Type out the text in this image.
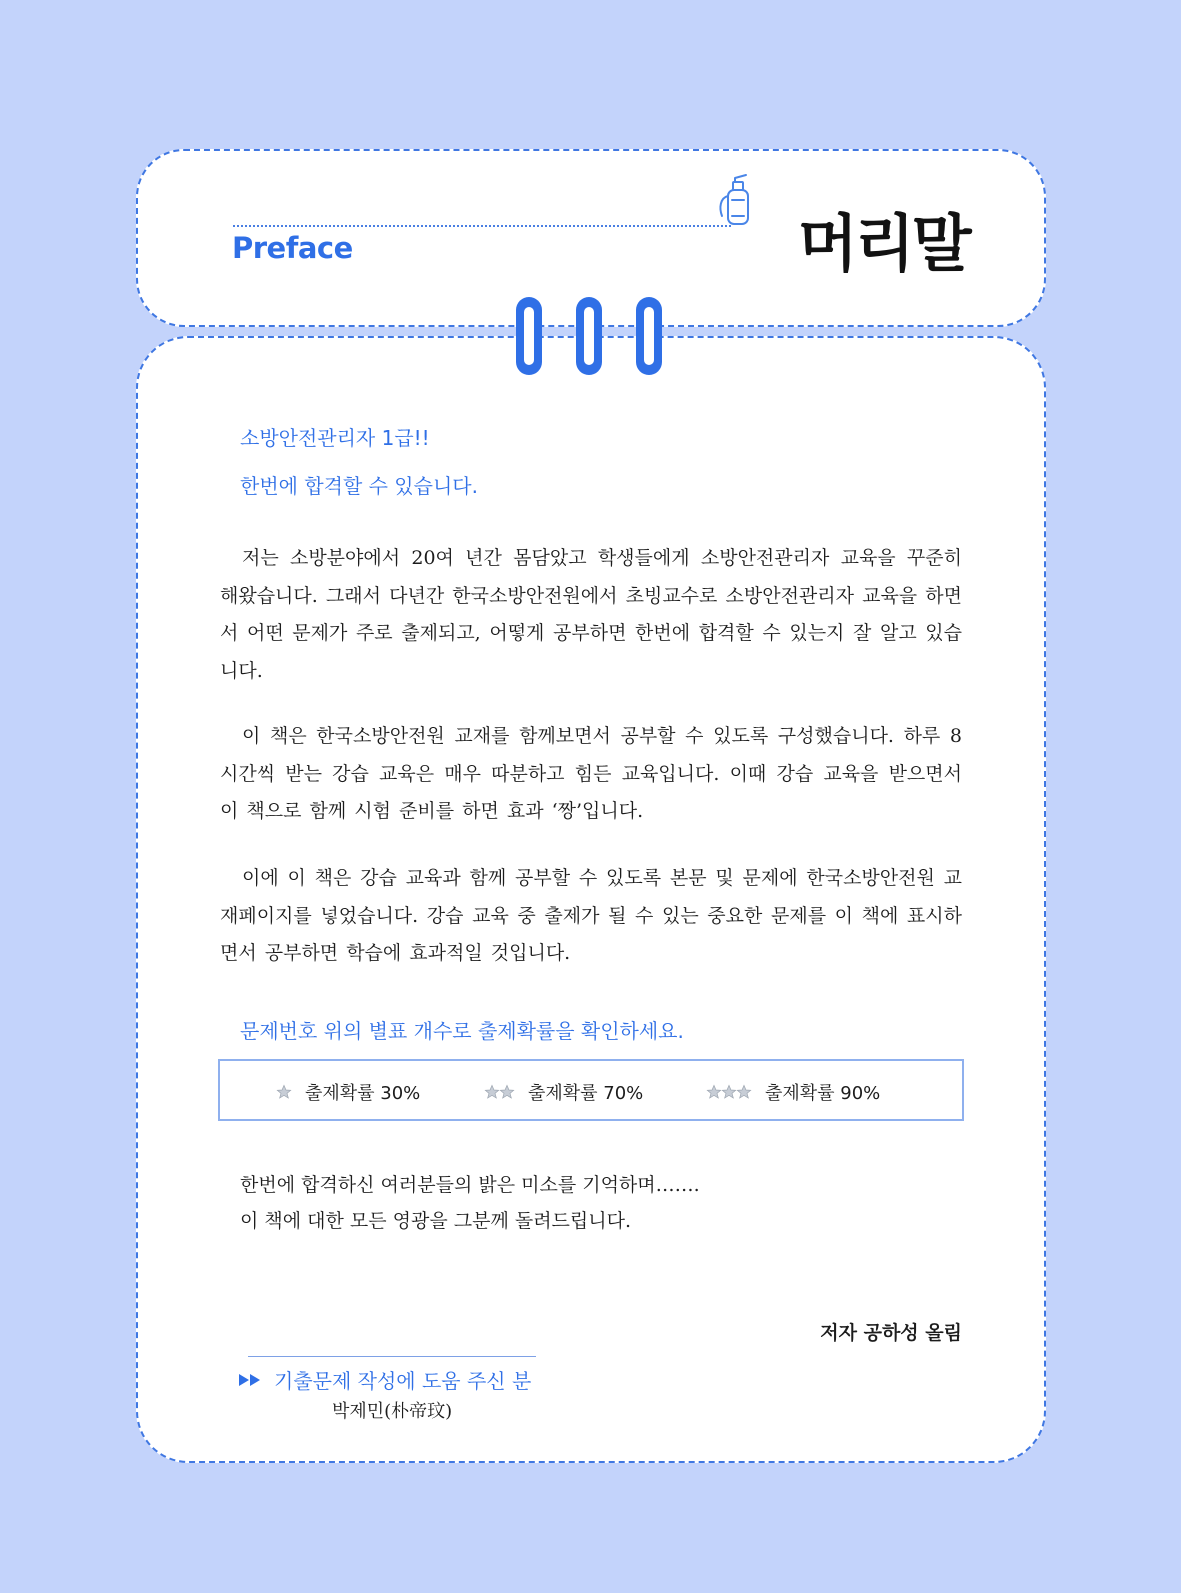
Preface	머리말
소방안전관리자 1급!!
한번에 합격할 수 있습니다.

저는 소방분야에서 20여 년간 몸담았고 학생들에게 소방안전관리자 교육을 꾸준히 해왔습니다. 그래서 다년간 한국소방안전원에서 초빙교수로 소방안전관리자 교육을 하면서 어떤 문제가 주로 출제되고, 어떻게 공부하면 한번에 합격할 수 있는지 잘 알고 있습니다.

이 책은 한국소방안전원 교재를 함께보면서 공부할 수 있도록 구성했습니다. 하루 8시간씩 받는 강습 교육은 매우 따분하고 힘든 교육입니다. 이때 강습 교육을 받으면서 이 책으로 함께 시험 준비를 하면 효과 ‘짱’입니다.

이에 이 책은 강습 교육과 함께 공부할 수 있도록 본문 및 문제에 한국소방안전원 교재페이지를 넣었습니다. 강습 교육 중 출제가 될 수 있는 중요한 문제를 이 책에 표시하면서 공부하면 학습에 효과적일 것입니다.

문제번호 위의 별표 개수로 출제확률을 확인하세요.
출제확률 30%	출제확률 70%	출제확률 90%
한번에 합격하신 여러분들의 밝은 미소를 기억하며…….
이 책에 대한 모든 영광을 그분께 돌려드립니다.
저자 공하성 올림
기출문제 작성에 도움 주신 분
박제민(朴帝玟)
